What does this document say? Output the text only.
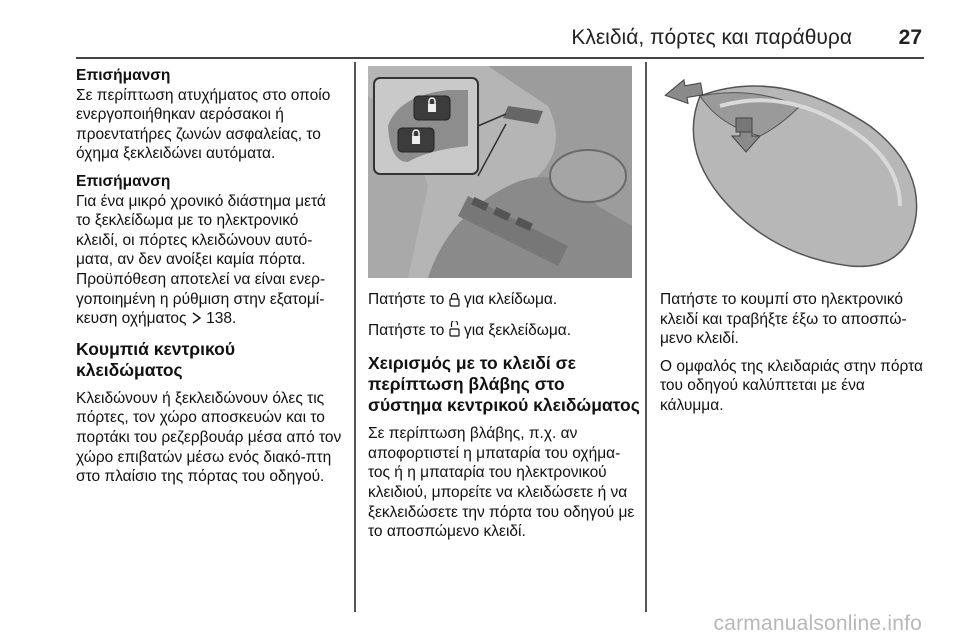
Κλειδιά, πόρτες και παράθυρα 27

Επισήμανση
Σε περίπτωση ατυχήματος στο οποίο ενεργοποιήθηκαν αερόσακοι ή προεντατήρες ζωνών ασφαλείας, το όχημα ξεκλειδώνει αυτόματα.

Επισήμανση
Για ένα μικρό χρονικό διάστημα μετά το ξεκλείδωμα με το ηλεκτρονικό κλειδί, οι πόρτες κλειδώνουν αυτό-ματα, αν δεν ανοίξει καμία πόρτα. Προϋπόθεση αποτελεί να είναι ενερ-γοποιημένη η ρύθμιση στην εξατομί-κευση οχήματος 138.

Κουμπιά κεντρικού κλειδώματος

Κλειδώνουν ή ξεκλειδώνουν όλες τις πόρτες, τον χώρο αποσκευών και το πορτάκι του ρεζερβουάρ μέσα από τον χώρο επιβατών μέσω ενός διακό-πτη στο πλαίσιο της πόρτας του οδηγού.

Πατήστε το για κλείδωμα.

Πατήστε το για ξεκλείδωμα.

Χειρισμός με το κλειδί σε περίπτωση βλάβης στο σύστημα κεντρικού κλειδώματος

Σε περίπτωση βλάβης, π.χ. αν αποφορτιστεί η μπαταρία του οχήμα-τος ή η μπαταρία του ηλεκτρονικού κλειδιού, μπορείτε να κλειδώσετε ή να ξεκλειδώσετε την πόρτα του οδηγού με το αποσπώμενο κλειδί.

Πατήστε το κουμπί στο ηλεκτρονικό κλειδί και τραβήξτε έξω το αποσπώ-μενο κλειδί.

Ο ομφαλός της κλειδαριάς στην πόρτα του οδηγού καλύπτεται με ένα κάλυμμα.

carmanualsonline.info
